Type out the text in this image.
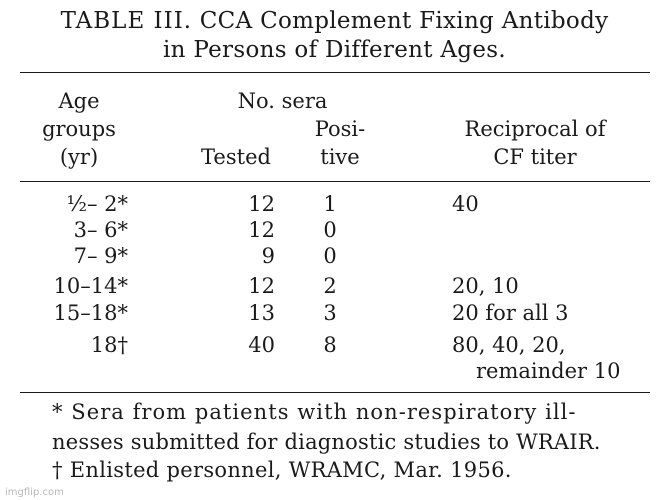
TABLE III. CCA Complement Fixing Antibody
in Persons of Different Ages.
Age
groups
(yr)
No. sera
Tested
Posi-
tive
Reciprocal of
CF titer
½– 2*	12	1	40
3– 6*	12	0
7– 9*	9	0
10–14*	12	2	20, 10
15–18*	13	3	20 for all 3
18†	40	8	80, 40, 20,
remainder 10
* Sera from patients with non-respiratory ill-
nesses submitted for diagnostic studies to WRAIR.
† Enlisted personnel, WRAMC, Mar. 1956.
imgflip.com
